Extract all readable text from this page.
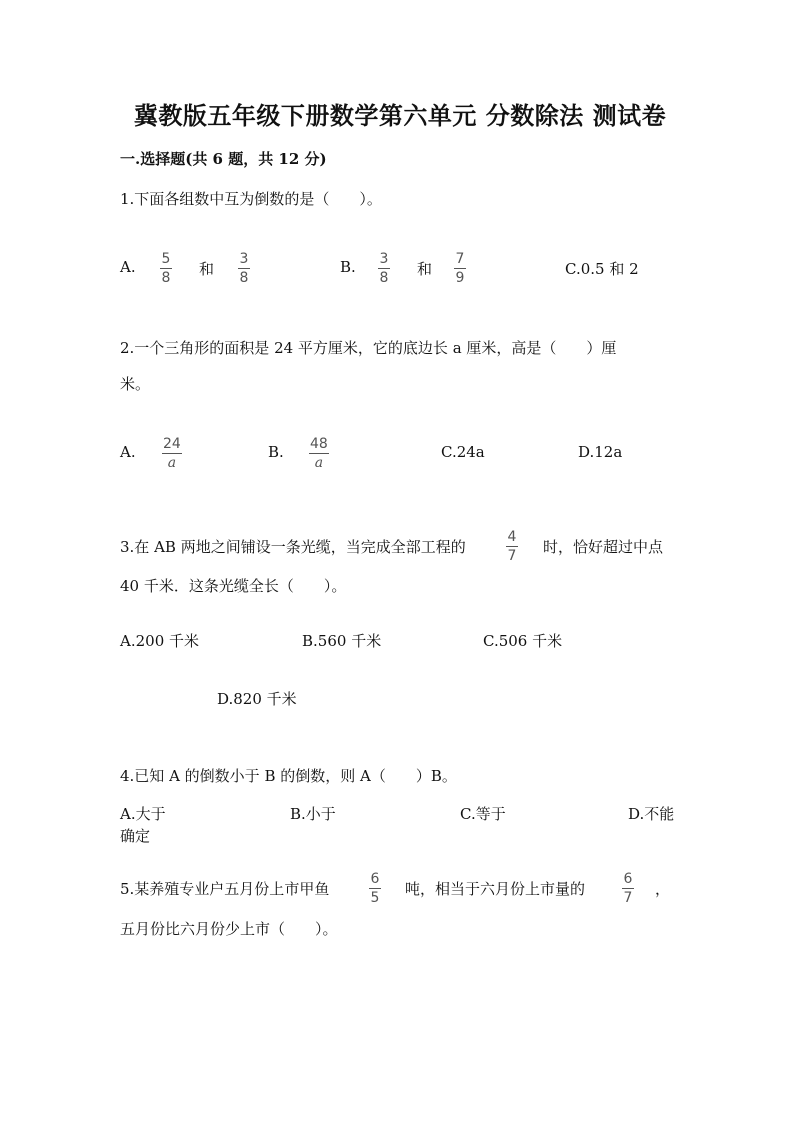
冀教版五年级下册数学第六单元 分数除法 测试卷
一.选择题(共 6 题，共 12 分)
1.下面各组数中互为倒数的是（　　）。
A. 5
8 和
3
8
B. 3
8 和
7
9	C.0.5 和 2
2.一个三角形的面积是 24 平方厘米，它的底边长 a 厘米，高是（　　）厘
米。
A. 24
a
B. 48
a
C.24a	D.12a
3.在 AB 两地之间铺设一条光缆，当完成全部工程的
4
7 时，恰好超过中点
40 千米．这条光缆全长（　　）。
A.200 千米	B.560 千米	C.506 千米
D.820 千米
4.已知 A 的倒数小于 B 的倒数，则 A（　　）B。
A.大于	B.小于	C.等于	D.不能
确定
5.某养殖专业户五月份上市甲鱼
6
5 吨，相当于六月份上市量的
6
7 ，
五月份比六月份少上市（　　）。
